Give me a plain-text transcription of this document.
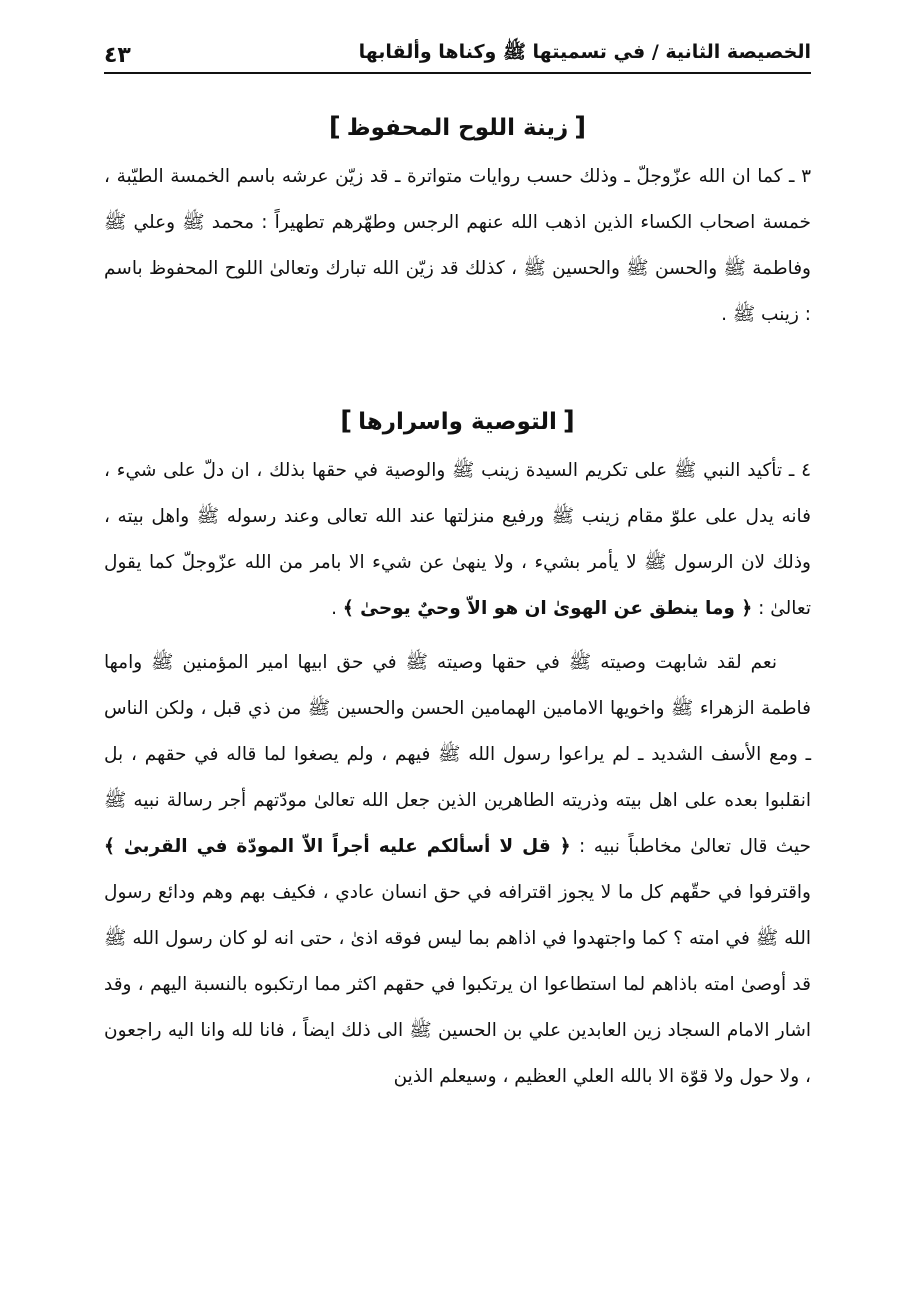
الخصيصة الثانية / في تسميتها ﷺ وكناها وألقابها
٤٣
[زينة اللوح المحفوظ]

٣ ـ كما ان الله عزّوجلّ ـ وذلك حسب روايات متواترة ـ قد زيّن عرشه باسم الخمسة الطيّبة ، خمسة اصحاب الكساء الذين اذهب الله عنهم الرجس وطهّرهم تطهيراً : محمد ﷺ وعلي ﷺ وفاطمة ﷺ والحسن ﷺ والحسين ﷺ ، كذلك قد زيّن الله تبارك وتعالىٰ اللوح المحفوظ باسم : زينب ﷺ .

[التوصية واسرارها]

٤ ـ تأكيد النبي ﷺ على تكريم السيدة زينب ﷺ والوصية في حقها بذلك ، ان دلّ على شيء ، فانه يدل على علوّ مقام زينب ﷺ ورفيع منزلتها عند الله تعالى وعند رسوله ﷺ واهل بيته ، وذلك لان الرسول ﷺ لا يأمر بشيء ، ولا ينهىٰ عن شيء الا بامر من الله عزّوجلّ كما يقول تعالىٰ : ﴿ وما ينطق عن الهوىٰ ان هو الاّ وحيٌ يوحىٰ ﴾ .

نعم لقد شابهت وصيته ﷺ في حقها وصيته ﷺ في حق ابيها امير المؤمنين ﷺ وامها فاطمة الزهراء ﷺ واخويها الامامين الهمامين الحسن والحسين ﷺ من ذي قبل ، ولكن الناس ـ ومع الأسف الشديد ـ لم يراعوا رسول الله ﷺ فيهم ، ولم يصغوا لما قاله في حقهم ، بل انقلبوا بعده على اهل بيته وذريته الطاهرين الذين جعل الله تعالىٰ مودّتهم أجر رسالة نبيه ﷺ حيث قال تعالىٰ مخاطباً نبيه : ﴿ قل لا أسألكم عليه أجراً الاّ المودّة في القربىٰ ﴾ واقترفوا في حقّهم كل ما لا يجوز اقترافه في حق انسان عادي ، فكيف بهم وهم ودائع رسول الله ﷺ في امته ؟ كما واجتهدوا في اذاهم بما ليس فوقه اذىٰ ، حتى انه لو كان رسول الله ﷺ قد أوصىٰ امته باذاهم لما استطاعوا ان يرتكبوا في حقهم اكثر مما ارتكبوه بالنسبة اليهم ، وقد اشار الامام السجاد زين العابدين علي بن الحسين ﷺ الى ذلك ايضاً ، فانا لله وانا اليه راجعون ، ولا حول ولا قوّة الا بالله العلي العظيم ، وسيعلم الذين
